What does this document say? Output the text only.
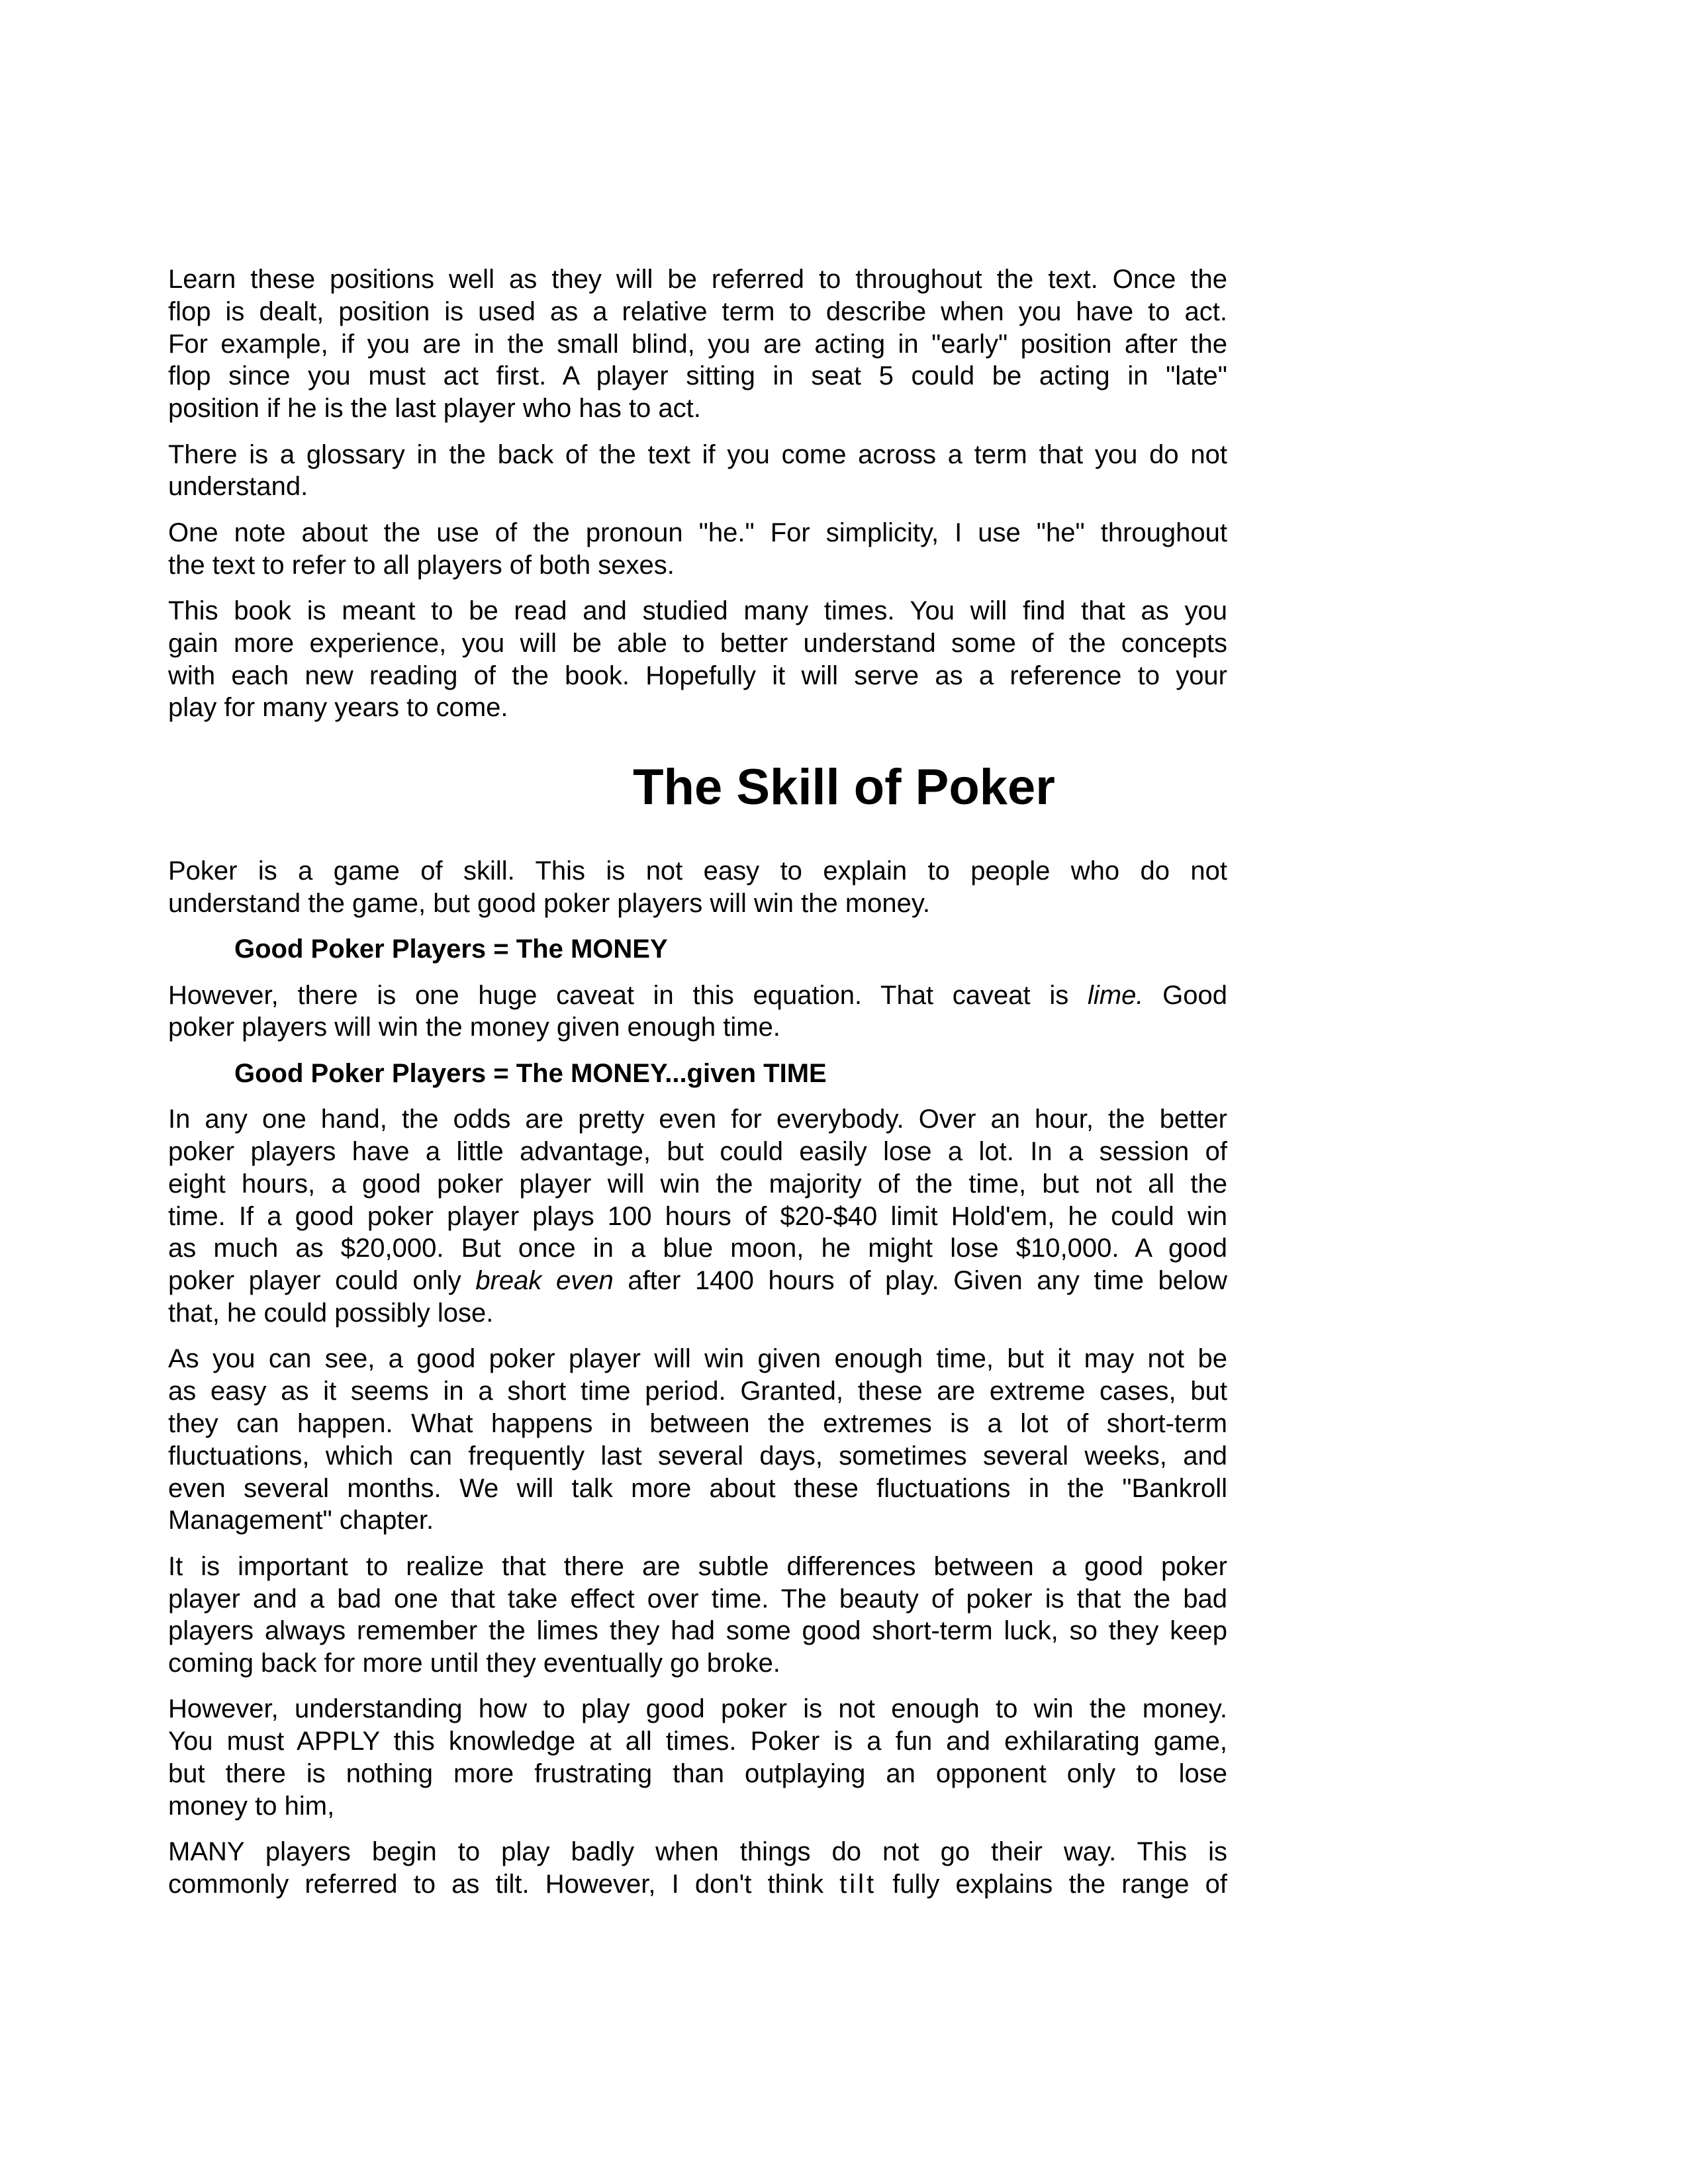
The Skill of Poker
Learn these positions well as they will be referred to throughout the text. Once the
flop is dealt, position is used as a relative term to describe when you have to act.
For example, if you are in the small blind, you are acting in "early" position after the
flop since you must act first. A player sitting in seat 5 could be acting in "late"
position if he is the last player who has to act.
There is a glossary in the back of the text if you come across a term that you do not
understand.
One note about the use of the pronoun "he." For simplicity, I use "he" throughout
the text to refer to all players of both sexes.
This book is meant to be read and studied many times. You will find that as you
gain more experience, you will be able to better understand some of the concepts
with each new reading of the book. Hopefully it will serve as a reference to your
play for many years to come.
Poker is a game of skill. This is not easy to explain to people who do not
understand the game, but good poker players will win the money.
Good Poker Players = The MONEY
However, there is one huge caveat in this equation. That caveat is lime. Good
poker players will win the money given enough time.
Good Poker Players = The MONEY...given TIME
In any one hand, the odds are pretty even for everybody. Over an hour, the better
poker players have a little advantage, but could easily lose a lot. In a session of
eight hours, a good poker player will win the majority of the time, but not all the
time. If a good poker player plays 100 hours of $20-$40 limit Hold'em, he could win
as much as $20,000. But once in a blue moon, he might lose $10,000. A good
poker player could only break even after 1400 hours of play. Given any time below
that, he could possibly lose.
As you can see, a good poker player will win given enough time, but it may not be
as easy as it seems in a short time period. Granted, these are extreme cases, but
they can happen. What happens in between the extremes is a lot of short-term
fluctuations, which can frequently last several days, sometimes several weeks, and
even several months. We will talk more about these fluctuations in the "Bankroll
Management" chapter.
It is important to realize that there are subtle differences between a good poker
player and a bad one that take effect over time. The beauty of poker is that the bad
players always remember the limes they had some good short-term luck, so they keep
coming back for more until they eventually go broke.
However, understanding how to play good poker is not enough to win the money.
You must APPLY this knowledge at all times. Poker is a fun and exhilarating game,
but there is nothing more frustrating than outplaying an opponent only to lose
money to him,
MANY players begin to play badly when things do not go their way. This is
commonly referred to as tilt. However, I don't think tilt fully explains the range of
